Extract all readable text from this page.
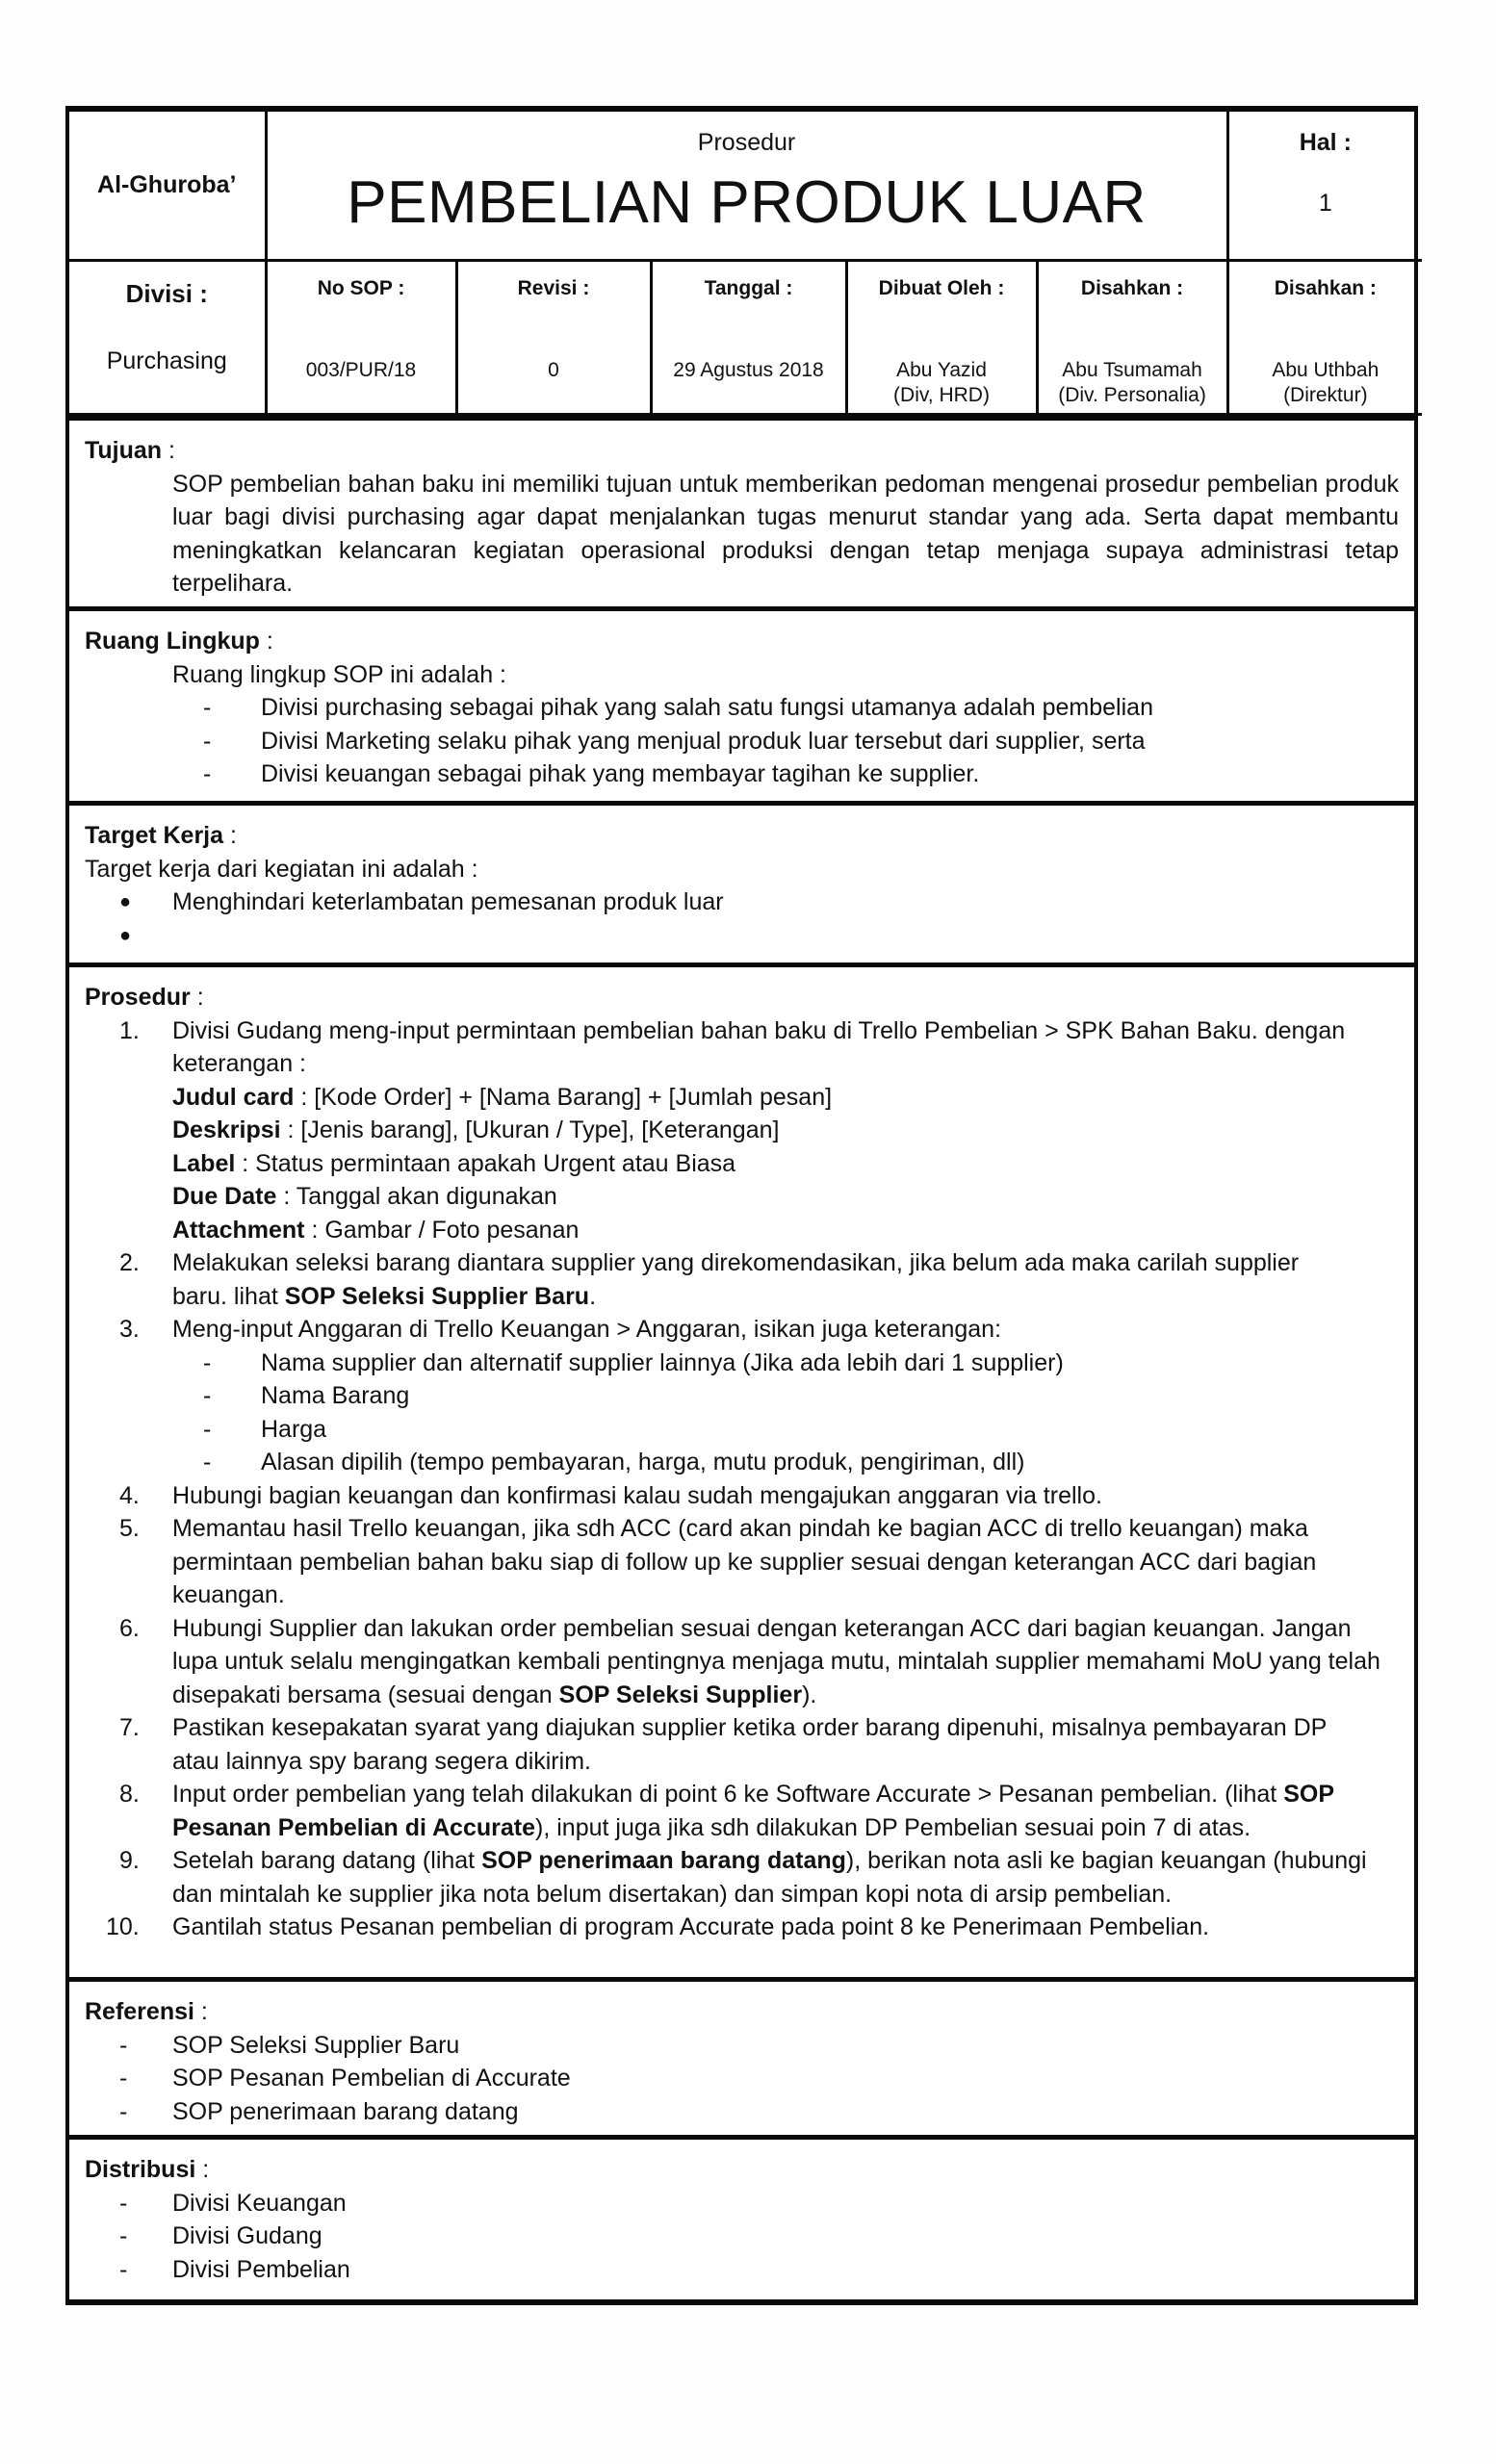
Al-Ghuroba’	
Prosedur
PEMBELIAN PRODUK LUAR

Hal :
1

Divisi :
Purchasing

No SOP :
003/PUR/18

Revisi :
0

Tanggal :
29 Agustus 2018

Dibuat Oleh :
Abu Yazid
(Div, HRD)

Disahkan :
Abu Tsumamah
(Div. Personalia)

Disahkan :
Abu Uthbah
(Direktur)
Tujuan :
SOP pembelian bahan baku ini memiliki tujuan untuk memberikan pedoman mengenai prosedur pembelian produk luar bagi divisi purchasing agar dapat menjalankan tugas menurut standar yang ada. Serta dapat membantu meningkatkan kelancaran kegiatan operasional produksi dengan tetap menjaga supaya administrasi tetap terpelihara.
Ruang Lingkup :
Ruang lingkup SOP ini adalah :
- Divisi purchasing sebagai pihak yang salah satu fungsi utamanya adalah pembelian
- Divisi Marketing selaku pihak yang menjual produk luar tersebut dari supplier, serta
- Divisi keuangan sebagai pihak yang membayar tagihan ke supplier.
Target Kerja :
Target kerja dari kegiatan ini adalah :
● Menghindari keterlambatan pemesanan produk luar
●
Prosedur :
1. Divisi Gudang meng-input permintaan pembelian bahan baku di Trello Pembelian > SPK Bahan Baku. dengan keterangan :
Judul card : [Kode Order] + [Nama Barang] + [Jumlah pesan]
Deskripsi : [Jenis barang], [Ukuran / Type], [Keterangan]
Label : Status permintaan apakah Urgent atau Biasa
Due Date : Tanggal akan digunakan
Attachment : Gambar / Foto pesanan
2. Melakukan seleksi barang diantara supplier yang direkomendasikan, jika belum ada maka carilah supplier baru. lihat SOP Seleksi Supplier Baru.
3. Meng-input Anggaran di Trello Keuangan > Anggaran, isikan juga keterangan:
- Nama supplier dan alternatif supplier lainnya (Jika ada lebih dari 1 supplier)
- Nama Barang
- Harga
- Alasan dipilih (tempo pembayaran, harga, mutu produk, pengiriman, dll)
4. Hubungi bagian keuangan dan konfirmasi kalau sudah mengajukan anggaran via trello.
5. Memantau hasil Trello keuangan, jika sdh ACC (card akan pindah ke bagian ACC di trello keuangan) maka permintaan pembelian bahan baku siap di follow up ke supplier sesuai dengan keterangan ACC dari bagian keuangan.
6. Hubungi Supplier dan lakukan order pembelian sesuai dengan keterangan ACC dari bagian keuangan. Jangan lupa untuk selalu mengingatkan kembali pentingnya menjaga mutu, mintalah supplier memahami MoU yang telah disepakati bersama (sesuai dengan SOP Seleksi Supplier).
7. Pastikan kesepakatan syarat yang diajukan supplier ketika order barang dipenuhi, misalnya pembayaran DP atau lainnya spy barang segera dikirim.
8. Input order pembelian yang telah dilakukan di point 6 ke Software Accurate > Pesanan pembelian. (lihat SOP Pesanan Pembelian di Accurate), input juga jika sdh dilakukan DP Pembelian sesuai poin 7 di atas.
9. Setelah barang datang (lihat SOP penerimaan barang datang), berikan nota asli ke bagian keuangan (hubungi dan mintalah ke supplier jika nota belum disertakan) dan simpan kopi nota di arsip pembelian.
10. Gantilah status Pesanan pembelian di program Accurate pada point 8 ke Penerimaan Pembelian.
Referensi :
- SOP Seleksi Supplier Baru
- SOP Pesanan Pembelian di Accurate
- SOP penerimaan barang datang
Distribusi :
- Divisi Keuangan
- Divisi Gudang
- Divisi Pembelian
